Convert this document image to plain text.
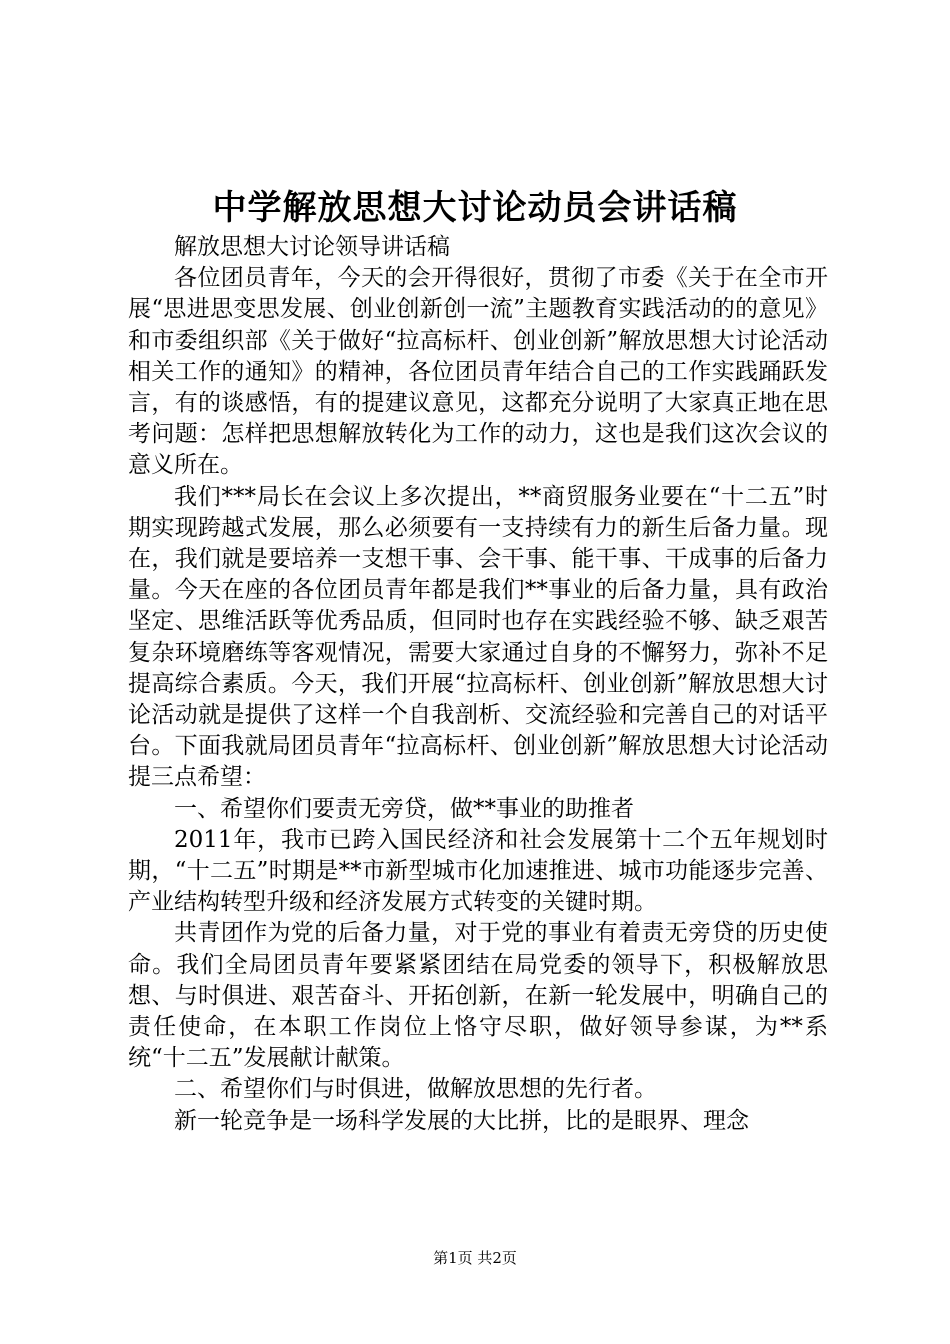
中学解放思想大讨论动员会讲话稿

解放思想大讨论领导讲话稿

各位团员青年，今天的会开得很好，贯彻了市委《关于在全市开展“思进思变思发展、创业创新创一流”主题教育实践活动的的意见》和市委组织部《关于做好“拉高标杆、创业创新”解放思想大讨论活动相关工作的通知》的精神，各位团员青年结合自己的工作实践踊跃发言，有的谈感悟，有的提建议意见，这都充分说明了大家真正地在思考问题：怎样把思想解放转化为工作的动力，这也是我们这次会议的意义所在。

我们***局长在会议上多次提出，**商贸服务业要在“十二五”时期实现跨越式发展，那么必须要有一支持续有力的新生后备力量。现在，我们就是要培养一支想干事、会干事、能干事、干成事的后备力量。今天在座的各位团员青年都是我们**事业的后备力量，具有政治坚定、思维活跃等优秀品质，但同时也存在实践经验不够、缺乏艰苦复杂环境磨练等客观情况，需要大家通过自身的不懈努力，弥补不足提高综合素质。今天，我们开展“拉高标杆、创业创新”解放思想大讨论活动就是提供了这样一个自我剖析、交流经验和完善自己的对话平台。下面我就局团员青年“拉高标杆、创业创新”解放思想大讨论活动提三点希望：

一、希望你们要责无旁贷，做**事业的助推者

2011年，我市已跨入国民经济和社会发展第十二个五年规划时期，“十二五”时期是**市新型城市化加速推进、城市功能逐步完善、产业结构转型升级和经济发展方式转变的关键时期。

共青团作为党的后备力量，对于党的事业有着责无旁贷的历史使命。我们全局团员青年要紧紧团结在局党委的领导下，积极解放思想、与时俱进、艰苦奋斗、开拓创新，在新一轮发展中，明确自己的责任使命，在本职工作岗位上恪守尽职，做好领导参谋，为**系统“十二五”发展献计献策。

二、希望你们与时俱进，做解放思想的先行者。

新一轮竞争是一场科学发展的大比拼，比的是眼界、理念

第1页 共2页
